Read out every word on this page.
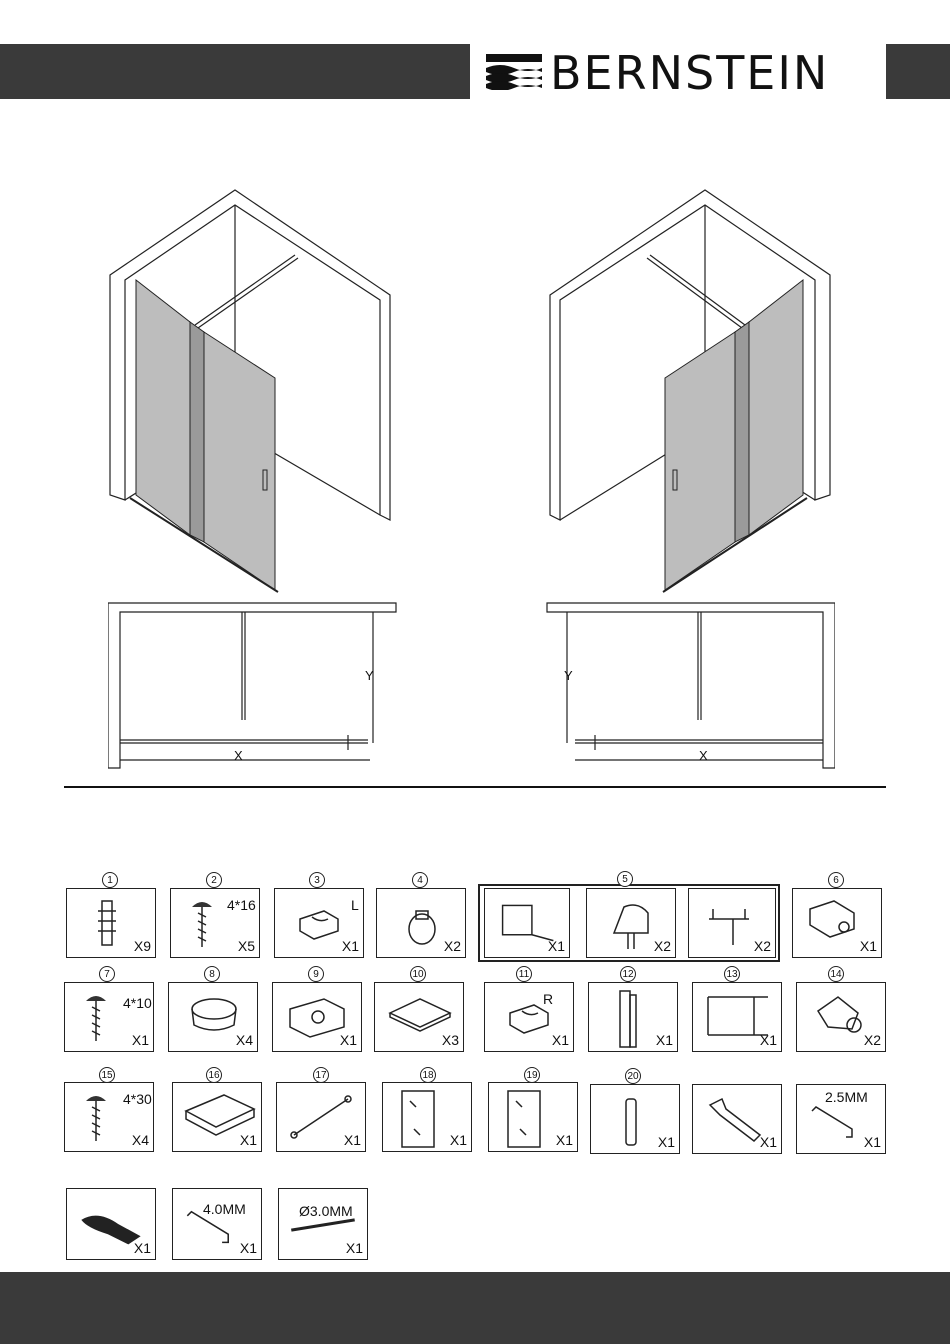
BERNSTEIN
X
Y
X
Y
X9
1
X5
4*16
2
X1
L
3
X2
4
X1
5
X2	X2	X1
6
X1
4*10
7
X4
8
X1
9
X3
10
X1
R
11
X1
12
X1
13
X2
14
X4
4*30
15
X1
16
X1
17
X1
18
X1
19
X1
20
X1	X1
2.5MM
X1	X1
4.0MM
X1
Ø3.0MM
